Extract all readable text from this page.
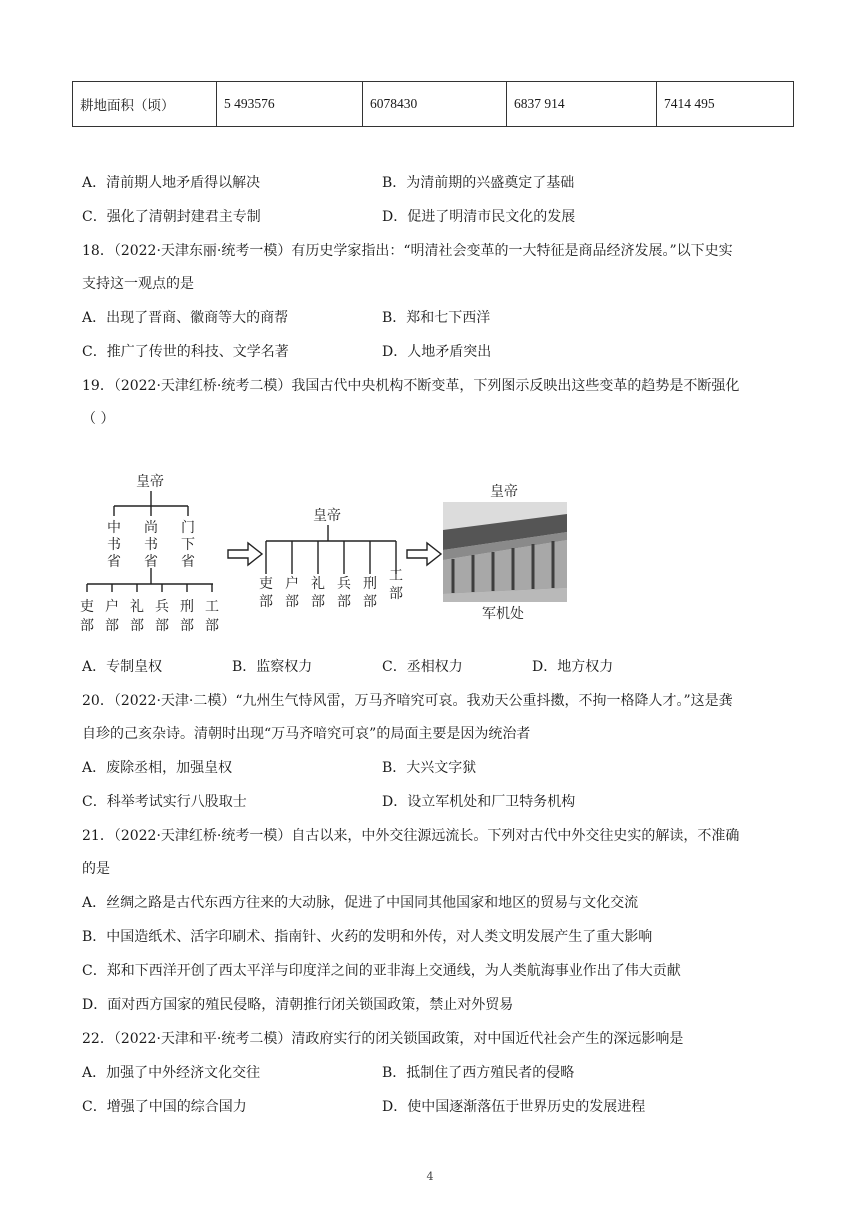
耕地面积（顷）	5 493576	6078430	6837 914	7414 495
A．清前期人地矛盾得以解决	B．为清前期的兴盛奠定了基础
C．强化了清朝封建君主专制	D．促进了明清市民文化的发展
18．（2022·天津东丽·统考一模）有历史学家指出：“明清社会变革的一大特征是商品经济发展。”以下史实
支持这一观点的是
A．出现了晋商、徽商等大的商帮	B．郑和七下西洋
C．推广了传世的科技、文学名著	D．人地矛盾突出
19．（2022·天津红桥·统考二模）我国古代中央机构不断变革，下列图示反映出这些变革的趋势是不断强化
（ ）
皇帝
中
书
省
尚
书
省
门
下
省
吏
部
户
部
礼
部
兵
部
刑
部
工
部
皇帝
吏
部
户
部
礼
部
兵
部
刑
部
工
部
皇帝
军机处
A．专制皇权	B．监察权力	C．丞相权力	D．地方权力
20．（2022·天津·二模）“九州生气恃风雷，万马齐喑究可哀。我劝天公重抖擞，不拘一格降人才。”这是龚
自珍的己亥杂诗。清朝时出现“万马齐喑究可哀”的局面主要是因为统治者
A．废除丞相，加强皇权	B．大兴文字狱
C．科举考试实行八股取士	D．设立军机处和厂卫特务机构
21．（2022·天津红桥·统考一模）自古以来，中外交往源远流长。下列对古代中外交往史实的解读，不准确
的是
A．丝绸之路是古代东西方往来的大动脉，促进了中国同其他国家和地区的贸易与文化交流
B．中国造纸术、活字印刷术、指南针、火药的发明和外传，对人类文明发展产生了重大影响
C．郑和下西洋开创了西太平洋与印度洋之间的亚非海上交通线，为人类航海事业作出了伟大贡献
D．面对西方国家的殖民侵略，清朝推行闭关锁国政策，禁止对外贸易
22．（2022·天津和平·统考二模）清政府实行的闭关锁国政策，对中国近代社会产生的深远影响是
A．加强了中外经济文化交往	B．抵制住了西方殖民者的侵略
C．增强了中国的综合国力	D．使中国逐渐落伍于世界历史的发展进程
4
